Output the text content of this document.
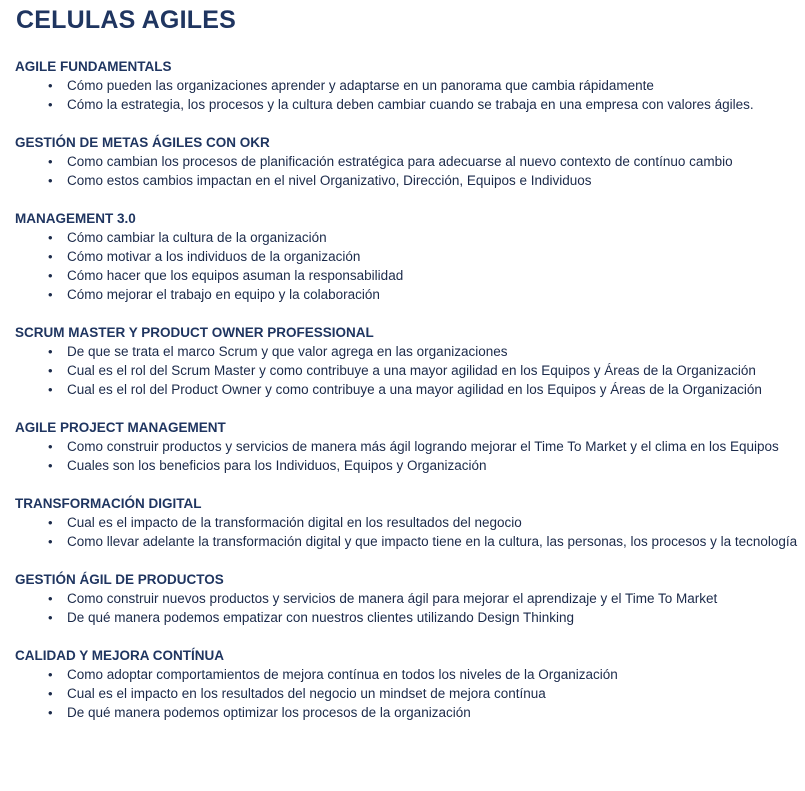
CELULAS AGILES
AGILE FUNDAMENTALS
• Cómo pueden las organizaciones aprender y adaptarse en un panorama que cambia rápidamente
• Cómo la estrategia, los procesos y la cultura deben cambiar cuando se trabaja en una empresa con valores ágiles.
GESTIÓN DE METAS ÁGILES CON OKR
• Como cambian los procesos de planificación estratégica para adecuarse al nuevo contexto de contínuo cambio
• Como estos cambios impactan en el nivel Organizativo, Dirección, Equipos e Individuos
MANAGEMENT 3.0
• Cómo cambiar la cultura de la organización
• Cómo motivar a los individuos de la organización
• Cómo hacer que los equipos asuman la responsabilidad
• Cómo mejorar el trabajo en equipo y la colaboración
SCRUM MASTER Y PRODUCT OWNER PROFESSIONAL
• De que se trata el marco Scrum y que valor agrega en las organizaciones
• Cual es el rol del Scrum Master y como contribuye a una mayor agilidad en los Equipos y Áreas de la Organización
• Cual es el rol del Product Owner y como contribuye a una mayor agilidad en los Equipos y Áreas de la Organización
AGILE PROJECT MANAGEMENT
• Como construir productos y servicios de manera más ágil logrando mejorar el Time To Market y el clima en los Equipos
• Cuales son los beneficios para los Individuos, Equipos y Organización
TRANSFORMACIÓN DIGITAL
• Cual es el impacto de la transformación digital en los resultados del negocio
• Como llevar adelante la transformación digital y que impacto tiene en la cultura, las personas, los procesos y la tecnología
GESTIÓN ÁGIL DE PRODUCTOS
• Como construir nuevos productos y servicios de manera ágil para mejorar el aprendizaje y el Time To Market
• De qué manera podemos empatizar con nuestros clientes utilizando Design Thinking
CALIDAD Y MEJORA CONTÍNUA
• Como adoptar comportamientos de mejora contínua en todos los niveles de la Organización
• Cual es el impacto en los resultados del negocio un mindset de mejora contínua
• De qué manera podemos optimizar los procesos de la organización
